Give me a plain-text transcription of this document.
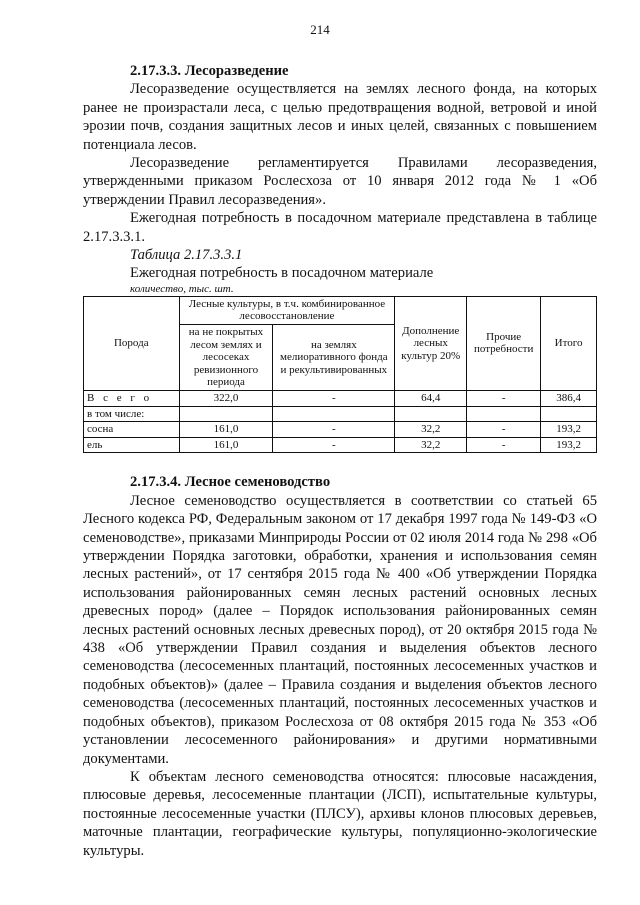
214

2.17.3.3. Лесоразведение

Лесоразведение осуществляется на землях лесного фонда, на которых ранее не произрастали леса, с целью предотвращения водной, ветровой и иной эрозии почв, создания защитных лесов и иных целей, связанных с повышением потенциала лесов.

Лесоразведение регламентируется Правилами лесоразведения, утвержденными приказом Рослесхоза от 10 января 2012 года № 1 «Об утверждении Правил лесоразведения».

Ежегодная потребность в посадочном материале представлена в таблице 2.17.3.3.1.

Таблица 2.17.3.3.1

Ежегодная потребность в посадочном материале

количество, тыс. шт.

Порода	Лесные культуры, в т.ч. комбинированное лесовосстановление		Дополнение лесных культур 20%	Прочие потребности	Итого
	на не покрытых лесом землях и лесосеках ревизионного периода	на землях мелиоративного фонда и рекультивированных			
В с е г о	322,0	-	64,4	-	386,4
в том числе:					
сосна	161,0	-	32,2	-	193,2
ель	161,0	-	32,2	-	193,2

2.17.3.4. Лесное семеноводство

Лесное семеноводство осуществляется в соответствии со статьей 65 Лесного кодекса РФ, Федеральным законом от 17 декабря 1997 года № 149-ФЗ «О семеноводстве», приказами Минприроды России от 02 июля 2014 года № 298 «Об утверждении Порядка заготовки, обработки, хранения и использования семян лесных растений», от 17 сентября 2015 года № 400 «Об утверждении Порядка использования районированных семян лесных растений основных лесных древесных пород» (далее – Порядок использования районированных семян лесных растений основных лесных древесных пород), от 20 октября 2015 года № 438 «Об утверждении Правил создания и выделения объектов лесного семеноводства (лесосеменных плантаций, постоянных лесосеменных участков и подобных объектов)» (далее – Правила создания и выделения объектов лесного семеноводства (лесосеменных плантаций, постоянных лесосеменных участков и подобных объектов), приказом Рослесхоза от 08 октября 2015 года № 353 «Об установлении лесосеменного районирования» и другими нормативными документами.

К объектам лесного семеноводства относятся: плюсовые насаждения, плюсовые деревья, лесосеменные плантации (ЛСП), испытательные культуры, постоянные лесосеменные участки (ПЛСУ), архивы клонов плюсовых деревьев, маточные плантации, географические культуры, популяционно-экологические культуры.
